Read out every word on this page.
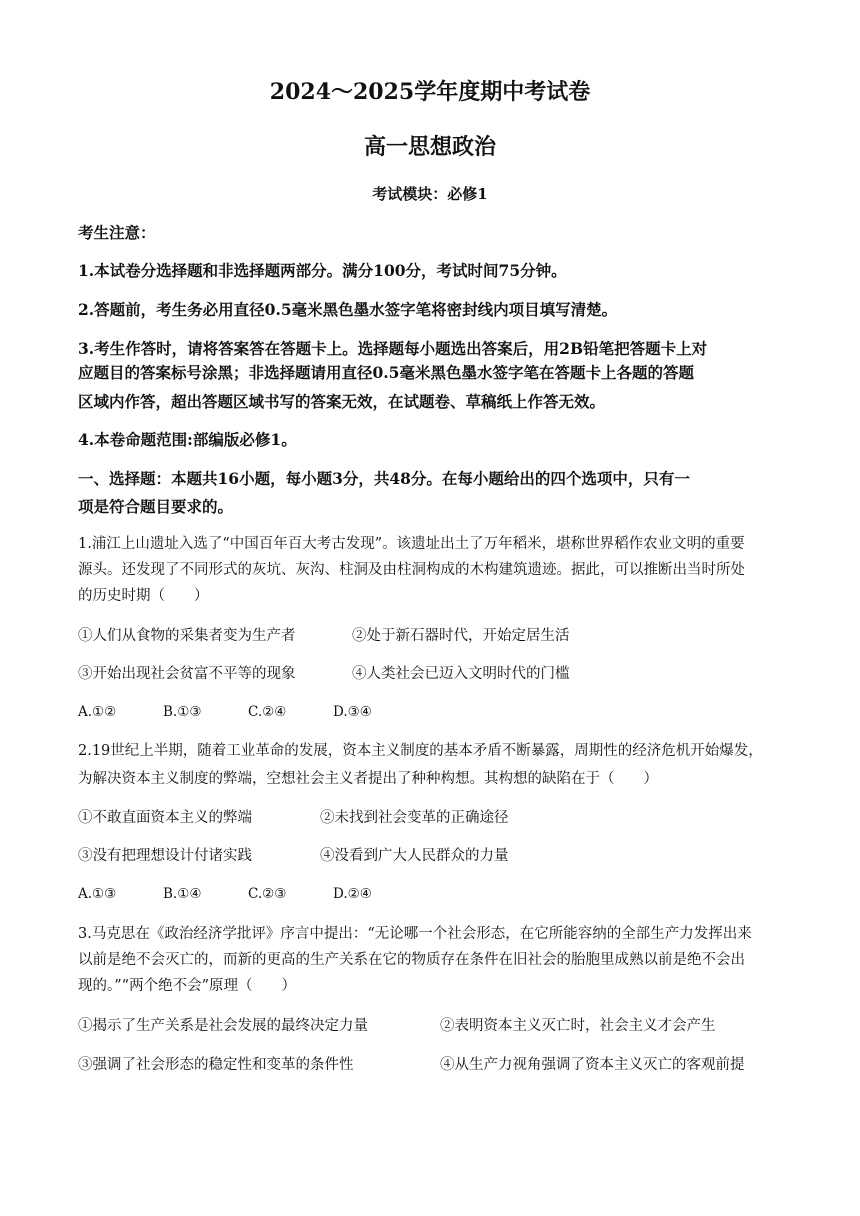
2024～2025学年度期中考试卷
高一思想政治
考试模块：必修1
考生注意：
1.本试卷分选择题和非选择题两部分。满分100分，考试时间75分钟。
2.答题前，考生务必用直径0.5毫米黑色墨水签字笔将密封线内项目填写清楚。
3.考生作答时，请将答案答在答题卡上。选择题每小题选出答案后，用2B铅笔把答题卡上对
应题目的答案标号涂黑；非选择题请用直径0.5毫米黑色墨水签字笔在答题卡上各题的答题
区域内作答，超出答题区域书写的答案无效，在试题卷、草稿纸上作答无效。
4.本卷命题范围:部编版必修1。
一、选择题：本题共16小题，每小题3分，共48分。在每小题给出的四个选项中，只有一
项是符合题目要求的。
1.浦江上山遗址入选了“中国百年百大考古发现”。该遗址出土了万年稻米，堪称世界稻作农业文明的重要
源头。还发现了不同形式的灰坑、灰沟、柱洞及由柱洞构成的木构建筑遗迹。据此，可以推断出当时所处
的历史时期（　　）
①人们从食物的采集者变为生产者	②处于新石器时代，开始定居生活
③开始出现社会贫富不平等的现象	④人类社会已迈入文明时代的门槛
A.①②	B.①③	C.②④	D.③④
2.19世纪上半期，随着工业革命的发展，资本主义制度的基本矛盾不断暴露，周期性的经济危机开始爆发，
为解决资本主义制度的弊端，空想社会主义者提出了种种构想。其构想的缺陷在于（　　）
①不敢直面资本主义的弊端	②未找到社会变革的正确途径
③没有把理想设计付诸实践	④没看到广大人民群众的力量
A.①③	B.①④	C.②③	D.②④
3.马克思在《政治经济学批评》序言中提出：“无论哪一个社会形态，在它所能容纳的全部生产力发挥出来
以前是绝不会灭亡的，而新的更高的生产关系在它的物质存在条件在旧社会的胎胞里成熟以前是绝不会出
现的。”“两个绝不会”原理（　　）
①揭示了生产关系是社会发展的最终决定力量	②表明资本主义灭亡时，社会主义才会产生
③强调了社会形态的稳定性和变革的条件性	④从生产力视角强调了资本主义灭亡的客观前提
